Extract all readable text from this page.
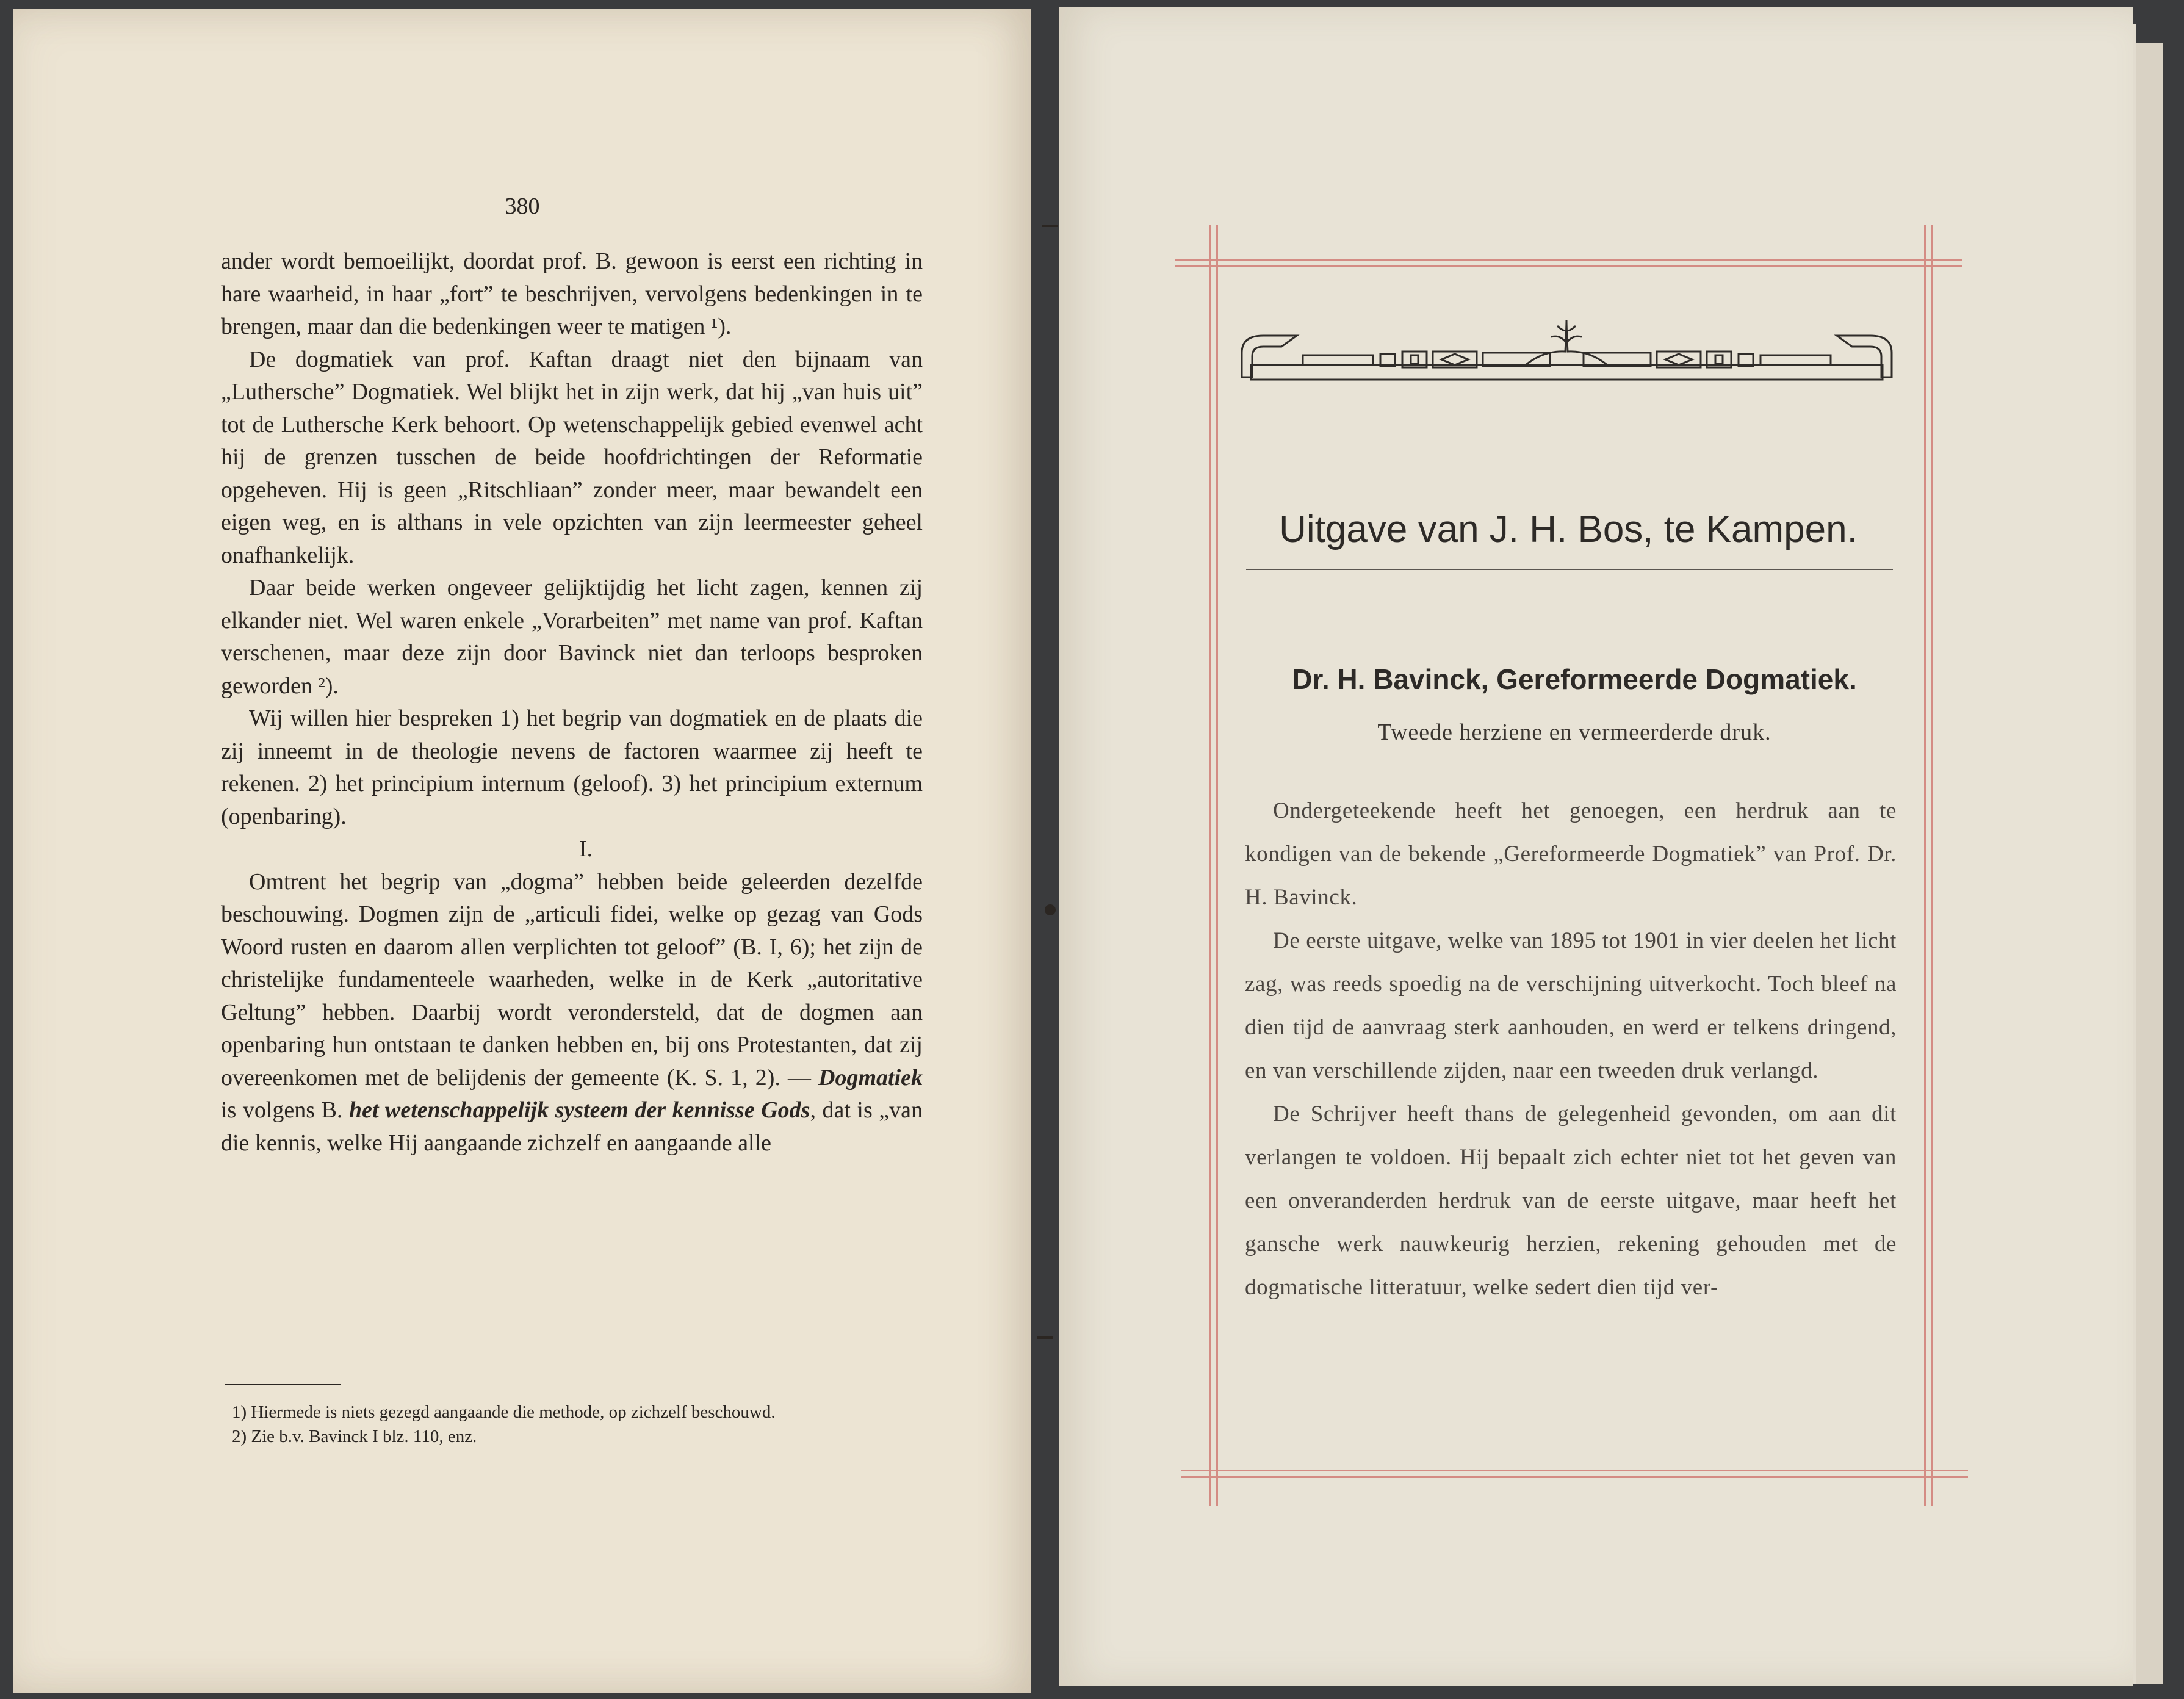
380

ander wordt bemoeilijkt, doordat prof. B. gewoon is eerst een richting in hare waarheid, in haar „fort” te beschrijven, vervolgens bedenkingen in te brengen, maar dan die bedenkingen weer te matigen ¹).

De dogmatiek van prof. Kaftan draagt niet den bijnaam van „Luthersche” Dogmatiek. Wel blijkt het in zijn werk, dat hij „van huis uit” tot de Luthersche Kerk behoort. Op wetenschappelijk gebied evenwel acht hij de grenzen tusschen de beide hoofdrichtingen der Reformatie opgeheven. Hij is geen „Ritschliaan” zonder meer, maar bewandelt een eigen weg, en is althans in vele opzichten van zijn leermeester geheel onafhankelijk.

Daar beide werken ongeveer gelijktijdig het licht zagen, kennen zij elkander niet. Wel waren enkele „Vorarbeiten” met name van prof. Kaftan verschenen, maar deze zijn door Bavinck niet dan terloops besproken geworden ²).

Wij willen hier bespreken 1) het begrip van dogmatiek en de plaats die zij inneemt in de theologie nevens de factoren waarmee zij heeft te rekenen. 2) het principium internum (geloof). 3) het principium externum (openbaring).

I.

Omtrent het begrip van „dogma” hebben beide geleerden dezelfde beschouwing. Dogmen zijn de „articuli fidei, welke op gezag van Gods Woord rusten en daarom allen verplichten tot geloof” (B. I, 6); het zijn de christelijke fundamenteele waarheden, welke in de Kerk „autoritative Geltung” hebben. Daarbij wordt verondersteld, dat de dogmen aan openbaring hun ontstaan te danken hebben en, bij ons Protestanten, dat zij overeenkomen met de belijdenis der gemeente (K. S. 1, 2). — Dogmatiek is volgens B. het wetenschappelijk systeem der kennisse Gods, dat is „van die kennis, welke Hij aangaande zichzelf en aangaande alle

1) Hiermede is niets gezegd aangaande die methode, op zichzelf beschouwd.
2) Zie b.v. Bavinck I blz. 110, enz.
Uitgave van J. H. Bos, te Kampen.
Dr. H. Bavinck, Gereformeerde Dogmatiek.
Tweede herziene en vermeerderde druk.

Ondergeteekende heeft het genoegen, een herdruk aan te kondigen van de bekende „Gereformeerde Dogmatiek” van Prof. Dr. H. Bavinck.

De eerste uitgave, welke van 1895 tot 1901 in vier deelen het licht zag, was reeds spoedig na de verschijning uitverkocht. Toch bleef na dien tijd de aanvraag sterk aanhouden, en werd er telkens dringend, en van verschillende zijden, naar een tweeden druk verlangd.

De Schrijver heeft thans de gelegenheid gevonden, om aan dit verlangen te voldoen. Hij bepaalt zich echter niet tot het geven van een onveranderden herdruk van de eerste uitgave, maar heeft het gansche werk nauwkeurig herzien, rekening gehouden met de dogmatische litteratuur, welke sedert dien tijd ver-
